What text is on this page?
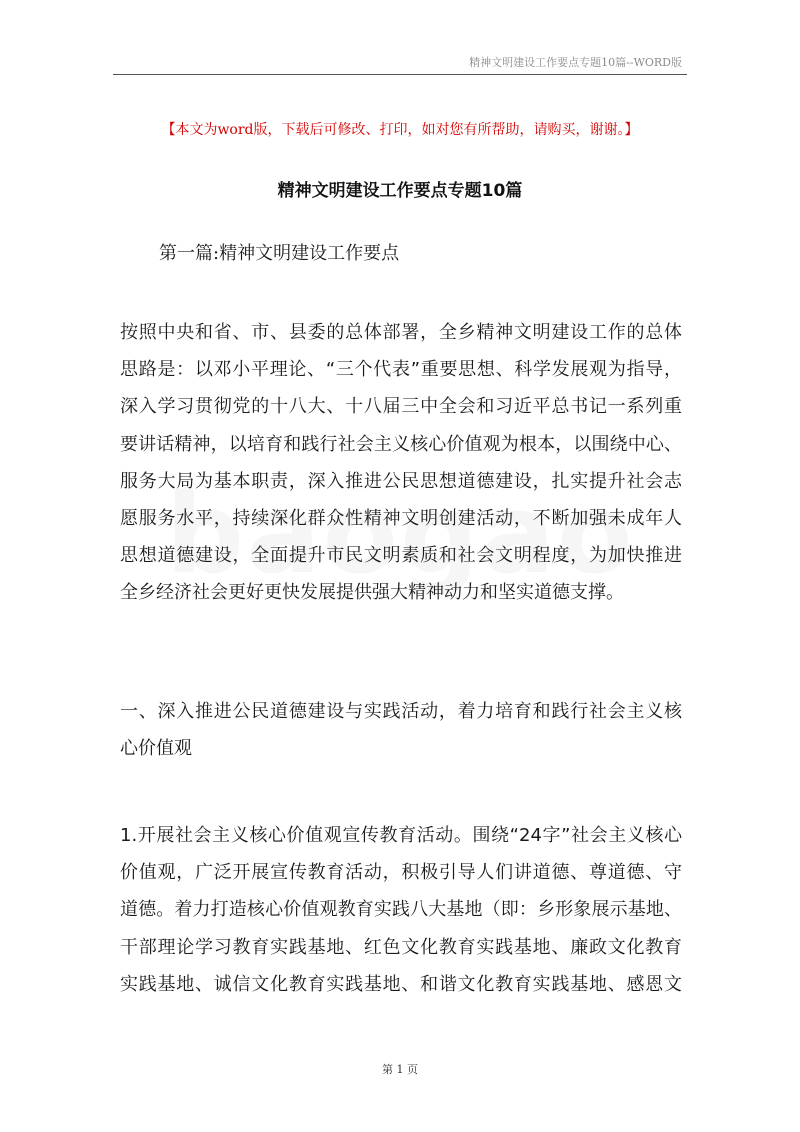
精神文明建设工作要点专题10篇--WORD版
【本文为word版，下载后可修改、打印，如对您有所帮助，请购买，谢谢。】
精神文明建设工作要点专题10篇
第一篇:精神文明建设工作要点
按照中央和省、市、县委的总体部署，全乡精神文明建设工作的总体
思路是：以邓小平理论、“三个代表”重要思想、科学发展观为指导，
深入学习贯彻党的十八大、十八届三中全会和习近平总书记一系列重
要讲话精神，以培育和践行社会主义核心价值观为根本，以围绕中心、
服务大局为基本职责，深入推进公民思想道德建设，扎实提升社会志
愿服务水平，持续深化群众性精神文明创建活动，不断加强未成年人
思想道德建设，全面提升市民文明素质和社会文明程度，为加快推进
全乡经济社会更好更快发展提供强大精神动力和坚实道德支撑。
一、深入推进公民道德建设与实践活动，着力培育和践行社会主义核
心价值观
1.开展社会主义核心价值观宣传教育活动。围绕“24字”社会主义核心
价值观，广泛开展宣传教育活动，积极引导人们讲道德、尊道德、守
道德。着力打造核心价值观教育实践八大基地（即：乡形象展示基地、
干部理论学习教育实践基地、红色文化教育实践基地、廉政文化教育
实践基地、诚信文化教育实践基地、和谐文化教育实践基地、感恩文
第 1 页
